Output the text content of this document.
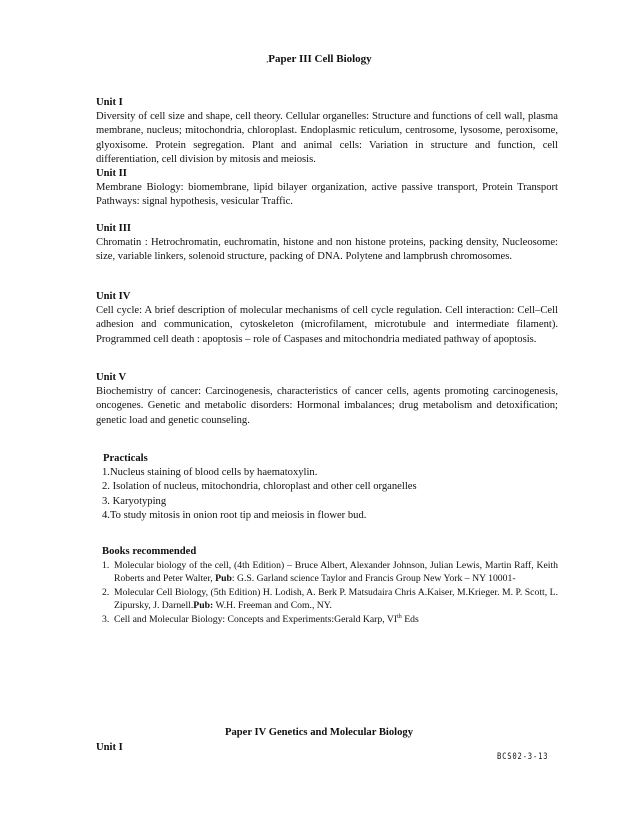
,Paper III Cell Biology
Unit I

Diversity of cell size and shape, cell theory. Cellular organelles: Structure and functions of cell wall, plasma membrane, nucleus; mitochondria, chloroplast. Endoplasmic reticulum, centrosome, lysosome, peroxisome, glyoxisome. Protein segregation. Plant and animal cells: Variation in structure and function, cell differentiation, cell division by mitosis and meiosis.

Unit II

Membrane Biology: biomembrane, lipid bilayer organization, active passive transport, Protein Transport Pathways: signal hypothesis, vesicular Traffic.

Unit III

Chromatin : Hetrochromatin, euchromatin, histone and non histone proteins, packing density, Nucleosome: size, variable linkers, solenoid structure, packing of DNA. Polytene and lampbrush chromosomes.

Unit IV

Cell cycle: A brief description of molecular mechanisms of cell cycle regulation. Cell interaction: Cell–Cell adhesion and communication, cytoskeleton (microfilament, microtubule and intermediate filament). Programmed cell death : apoptosis – role of Caspases and mitochondria mediated pathway of apoptosis.

Unit V

Biochemistry of cancer: Carcinogenesis, characteristics of cancer cells, agents promoting carcinogenesis, oncogenes. Genetic and metabolic disorders: Hormonal imbalances; drug metabolism and detoxification; genetic load and genetic counseling.

Practicals
1.Nucleus staining of blood cells by haematoxylin.
2. Isolation of nucleus, mitochondria, chloroplast and other cell organelles
3. Karyotyping
4.To study mitosis in onion root tip and meiosis in flower bud.
Books recommended
1. Molecular biology of the cell, (4th Edition) – Bruce Albert, Alexander Johnson, Julian Lewis, Martin Raff, Keith Roberts and Peter Walter, Pub: G.S. Garland science Taylor and Francis Group New York – NY 10001-
2. Molecular Cell Biology, (5th Edition) H. Lodish, A. Berk P. Matsudaira Chris A.Kaiser, M.Krieger. M. P. Scott, L. Zipursky, J. Darnell.Pub: W.H. Freeman and Com., NY.
3. Cell and Molecular Biology: Concepts and Experiments:Gerald Karp, VIth Eds
Paper IV Genetics and Molecular Biology
Unit I
BCS02-3-13
